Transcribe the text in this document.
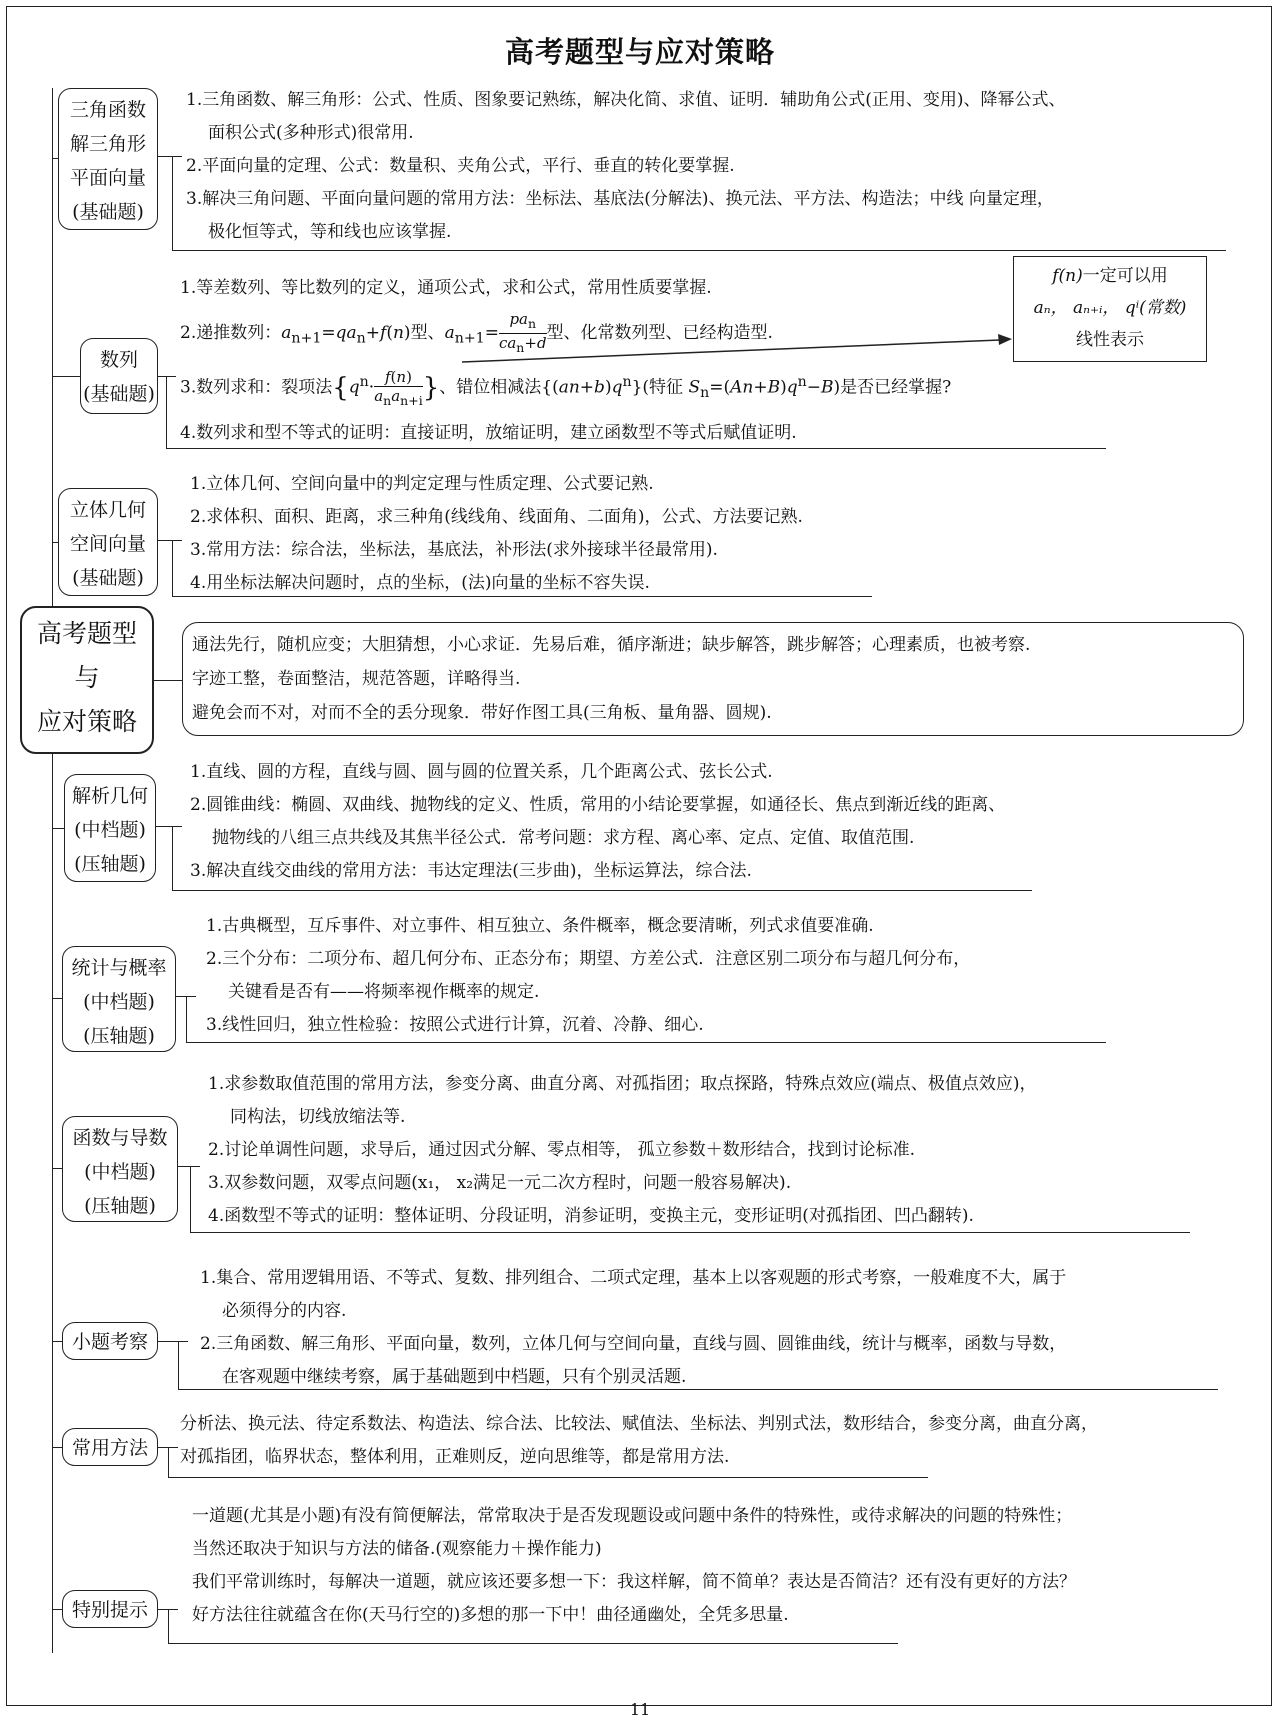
高考题型与应对策略
高考题型
与
应对策略
三角函数
解三角形
平面向量
(基础题)

1.三角函数、解三角形：公式、性质、图象要记熟练，解决化简、求值、证明．辅助角公式(正用、变用)、降幂公式、

面积公式(多种形式)很常用.

2.平面向量的定理、公式：数量积、夹角公式，平行、垂直的转化要掌握.

3.解决三角问题、平面向量问题的常用方法：坐标法、基底法(分解法)、换元法、平方法、构造法；中线 向量定理，

极化恒等式，等和线也应该掌握.

数列
(基础题)

1.等差数列、等比数列的定义，通项公式，求和公式，常用性质要掌握.

2.递推数列：$a_{n+1}=qa_n+f(n)$型、$a_{n+1}=$
$pa_n$
$ca_n+d$ 型、化常数列型、已经构造型.

3.数列求和：裂项法{$q^n\cdot$
f(n)
$a_na_{n+i}$ }、错位相减法$\{(an+b)q^n\}$(特征 $S_n=(An+B)q^n-B$)是否已经掌握?

4.数列求和型不等式的证明：直接证明，放缩证明，建立函数型不等式后赋值证明.

f(n)一定可以用
aₙ， aₙ₊ᵢ， qⁱ(常数)
线性表示
立体几何
空间向量
(基础题)

1.立体几何、空间向量中的判定定理与性质定理、公式要记熟.

2.求体积、面积、距离，求三种角(线线角、线面角、二面角)，公式、方法要记熟.

3.常用方法：综合法，坐标法，基底法，补形法(求外接球半径最常用).

4.用坐标法解决问题时，点的坐标，(法)向量的坐标不容失误.

通法先行，随机应变；大胆猜想，小心求证．先易后难，循序渐进；缺步解答，跳步解答；心理素质，也被考察.

字迹工整，卷面整洁，规范答题，详略得当.

避免会而不对，对而不全的丢分现象．带好作图工具(三角板、量角器、圆规).

解析几何
(中档题)
(压轴题)

1.直线、圆的方程，直线与圆、圆与圆的位置关系，几个距离公式、弦长公式.

2.圆锥曲线：椭圆、双曲线、抛物线的定义、性质，常用的小结论要掌握，如通径长、焦点到渐近线的距离、

抛物线的八组三点共线及其焦半径公式．常考问题：求方程、离心率、定点、定值、取值范围.

3.解决直线交曲线的常用方法：韦达定理法(三步曲)，坐标运算法，综合法.

统计与概率
(中档题)
(压轴题)

1.古典概型，互斥事件、对立事件、相互独立、条件概率，概念要清晰，列式求值要准确.

2.三个分布：二项分布、超几何分布、正态分布；期望、方差公式．注意区别二项分布与超几何分布，

关键看是否有——将频率视作概率的规定.

3.线性回归，独立性检验：按照公式进行计算，沉着、冷静、细心.

函数与导数
(中档题)
(压轴题)

1.求参数取值范围的常用方法，参变分离、曲直分离、对孤指团；取点探路，特殊点效应(端点、极值点效应)，

同构法，切线放缩法等.

2.讨论单调性问题，求导后，通过因式分解、零点相等， 孤立参数＋数形结合，找到讨论标准.

3.双参数问题，双零点问题(x₁， x₂满足一元二次方程时，问题一般容易解决).

4.函数型不等式的证明：整体证明、分段证明，消参证明，变换主元，变形证明(对孤指团、凹凸翻转).

小题考察

1.集合、常用逻辑用语、不等式、复数、排列组合、二项式定理，基本上以客观题的形式考察，一般难度不大，属于

必须得分的内容.

2.三角函数、解三角形、平面向量，数列，立体几何与空间向量，直线与圆、圆锥曲线，统计与概率，函数与导数，

在客观题中继续考察，属于基础题到中档题，只有个别灵活题.

常用方法

分析法、换元法、待定系数法、构造法、综合法、比较法、赋值法、坐标法、判别式法，数形结合，参变分离，曲直分离，

对孤指团，临界状态，整体利用，正难则反，逆向思维等，都是常用方法.

特别提示

一道题(尤其是小题)有没有简便解法，常常取决于是否发现题设或问题中条件的特殊性，或待求解决的问题的特殊性；

当然还取决于知识与方法的储备.(观察能力＋操作能力)

我们平常训练时，每解决一道题，就应该还要多想一下：我这样解，简不简单？表达是否简洁？还有没有更好的方法？

好方法往往就蕴含在你(天马行空的)多想的那一下中！曲径通幽处，全凭多思量.

11
